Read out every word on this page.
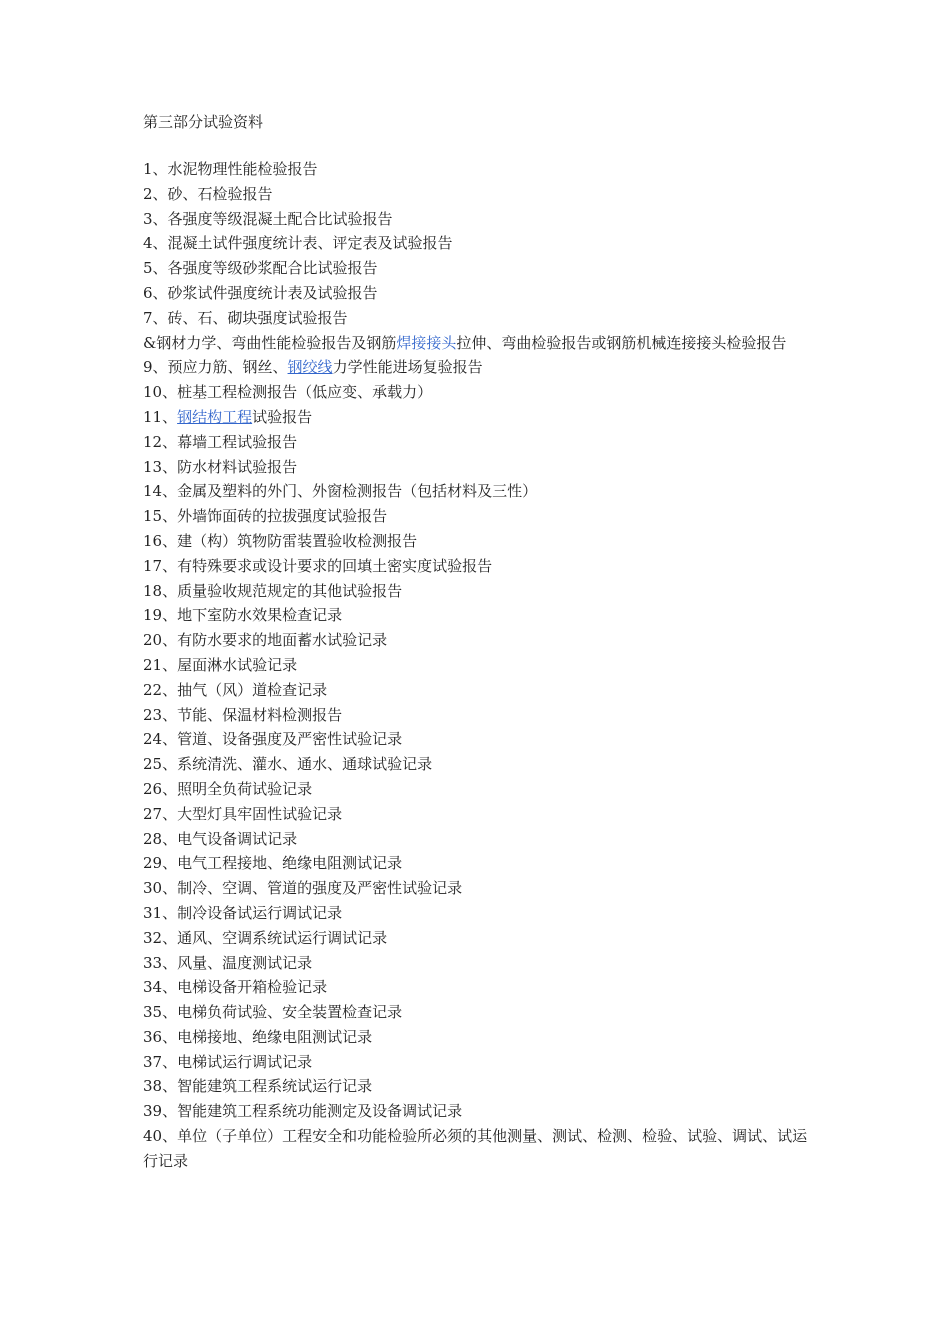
第三部分试验资料
1、水泥物理性能检验报告
2、砂、石检验报告
3、各强度等级混凝土配合比试验报告
4、混凝土试件强度统计表、评定表及试验报告
5、各强度等级砂浆配合比试验报告
6、砂浆试件强度统计表及试验报告
7、砖、石、砌块强度试验报告
&钢材力学、弯曲性能检验报告及钢筋焊接接头拉伸、弯曲检验报告或钢筋机械连接接头检验报告
9、预应力筋、钢丝、钢绞线力学性能进场复验报告
10、桩基工程检测报告（低应变、承载力）
11、钢结构工程试验报告
12、幕墙工程试验报告
13、防水材料试验报告
14、金属及塑料的外门、外窗检测报告（包括材料及三性）
15、外墙饰面砖的拉拔强度试验报告
16、建（构）筑物防雷装置验收检测报告
17、有特殊要求或设计要求的回填土密实度试验报告
18、质量验收规范规定的其他试验报告
19、地下室防水效果检查记录
20、有防水要求的地面蓄水试验记录
21、屋面淋水试验记录
22、抽气（风）道检查记录
23、节能、保温材料检测报告
24、管道、设备强度及严密性试验记录
25、系统清洗、灌水、通水、通球试验记录
26、照明全负荷试验记录
27、大型灯具牢固性试验记录
28、电气设备调试记录
29、电气工程接地、绝缘电阻测试记录
30、制冷、空调、管道的强度及严密性试验记录
31、制冷设备试运行调试记录
32、通风、空调系统试运行调试记录
33、风量、温度测试记录
34、电梯设备开箱检验记录
35、电梯负荷试验、安全装置检查记录
36、电梯接地、绝缘电阻测试记录
37、电梯试运行调试记录
38、智能建筑工程系统试运行记录
39、智能建筑工程系统功能测定及设备调试记录
40、单位（子单位）工程安全和功能检验所必须的其他测量、测试、检测、检验、试验、调试、试运行记录
